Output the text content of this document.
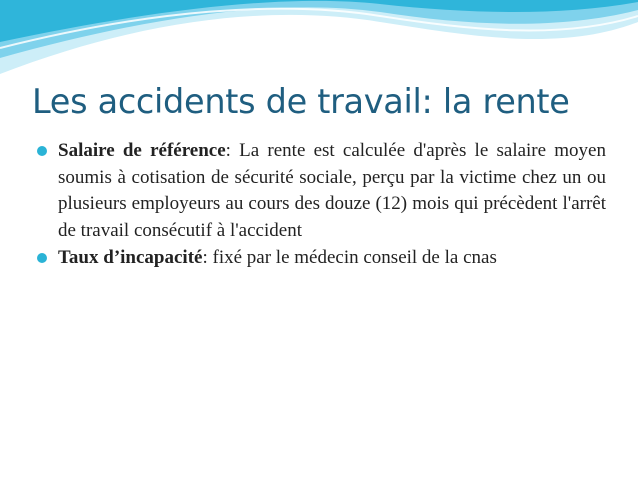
Les accidents de travail: la rente
Salaire de référence: La rente est calculée d'après le salaire moyen soumis à cotisation de sécurité sociale, perçu par la victime chez un ou plusieurs employeurs au cours des douze (12) mois qui précèdent l'arrêt de travail consécutif à l'accident
Taux d’incapacité: fixé par le médecin conseil de la cnas
